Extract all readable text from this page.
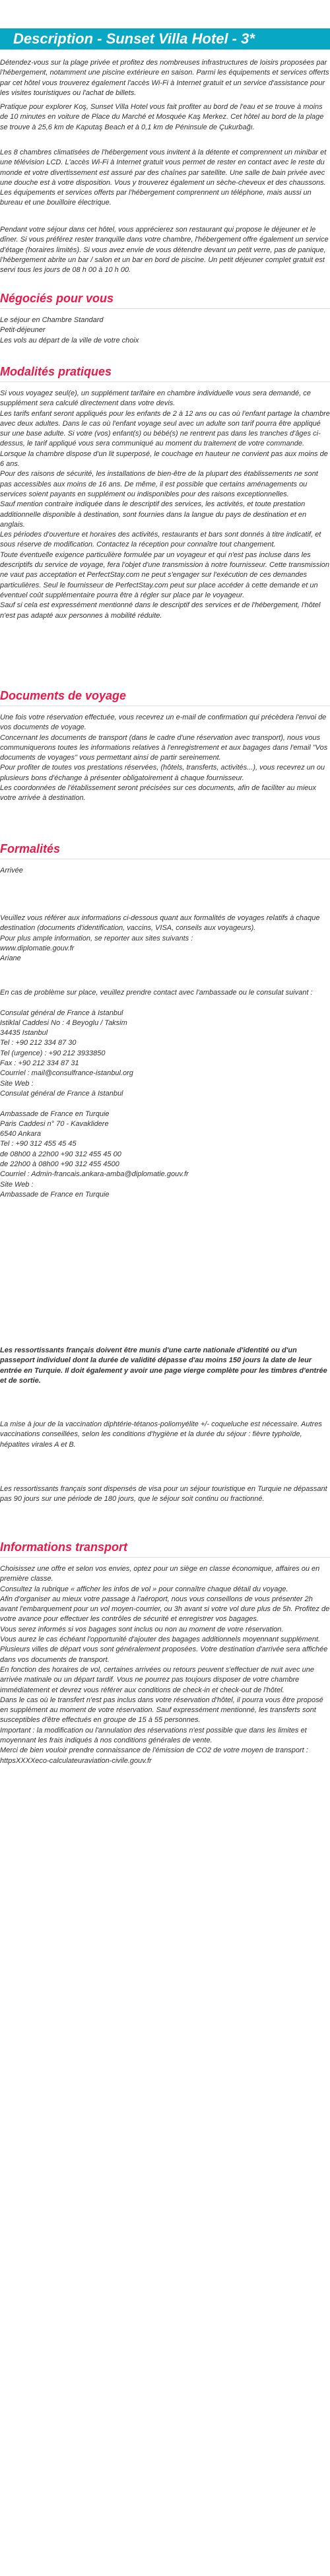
Description - Sunset Villa Hotel - 3*

Détendez-vous sur la plage privée et profitez des nombreuses infrastructures de loisirs proposées par l'hébergement, notamment une piscine extérieure en saison. Parmi les équipements et services offerts par cet hôtel vous trouverez également l'accès Wi-Fi à Internet gratuit et un service d'assistance pour les visites touristiques ou l'achat de billets.

Pratique pour explorer Koş, Sunset Villa Hotel vous fait profiter au bord de l'eau et se trouve à moins de 10 minutes en voiture de Place du Marché et Mosquée Kaş Merkez. Cet hôtel au bord de la plage se trouve à 25,6 km de Kaputaş Beach et à 0,1 km de Péninsule de Çukurbağı.

Les 8 chambres climatisées de l'hébergement vous invitent à la détente et comprennent un minibar et une télévision LCD. L'accès Wi-Fi à Internet gratuit vous permet de rester en contact avec le reste du monde et votre divertissement est assuré par des chaînes par satellite. Une salle de bain privée avec une douche est à votre disposition. Vous y trouverez également un sèche-cheveux et des chaussons. Les équipements et services offerts par l'hébergement comprennent un téléphone, mais aussi un bureau et une bouilloire électrique.

Pendant votre séjour dans cet hôtel, vous apprécierez son restaurant qui propose le déjeuner et le dîner. Si vous préférez rester tranquille dans votre chambre, l'hébergement offre également un service d'étage (horaires limités). Si vous avez envie de vous détendre devant un petit verre, pas de panique, l'hébergement abrite un bar / salon et un bar en bord de piscine. Un petit déjeuner complet gratuit est servi tous les jours de 08 h 00 à 10 h 00.

Négociés pour vous

Le séjour en Chambre Standard
Petit-déjeuner
Les vols au départ de la ville de votre choix

Modalités pratiques

Si vous voyagez seul(e), un supplément tarifaire en chambre individuelle vous sera demandé, ce supplément sera calculé directement dans votre devis.
Les tarifs enfant seront appliqués pour les enfants de 2 à 12 ans ou cas où l'enfant partage la chambre avec deux adultes. Dans le cas où l'enfant voyage seul avec un adulte son tarif pourra être appliqué sur une base adulte. Si votre (vos) enfant(s) ou bébé(s) ne rentrent pas dans les tranches d'âges ci-dessus, le tarif appliqué vous sera communiqué au moment du traitement de votre commande. Lorsque la chambre dispose d'un lit superposé, le couchage en hauteur ne convient pas aux moins de 6 ans.
Pour des raisons de sécurité, les installations de bien-être de la plupart des établissements ne sont pas accessibles aux moins de 16 ans. De même, il est possible que certains aménagements ou services soient payants en supplément ou indisponibles pour des raisons exceptionnelles.
Sauf mention contraire indiquée dans le descriptif des services, les activités, et toute prestation additionnelle disponible à destination, sont fournies dans la langue du pays de destination et en anglais.
Les périodes d'ouverture et horaires des activités, restaurants et bars sont donnés à titre indicatif, et sous réserve de modification. Contactez la réception pour connaître tout changement.
Toute éventuelle exigence particulière formulée par un voyageur et qui n'est pas incluse dans les descriptifs du service de voyage, fera l'objet d'une transmission à notre fournisseur. Cette transmission ne vaut pas acceptation et PerfectStay.com ne peut s'engager sur l'exécution de ces demandes particulières. Seul le fournisseur de PerfectStay.com peut sur place accéder à cette demande et un éventuel coût supplémentaire pourra être à régler sur place par le voyageur.
Sauf si cela est expressément mentionné dans le descriptif des services et de l'hébergement, l'hôtel n'est pas adapté aux personnes à mobilité réduite.

Documents de voyage

Une fois votre réservation effectuée, vous recevrez un e-mail de confirmation qui précèdera l'envoi de vos documents de voyage.
Concernant les documents de transport (dans le cadre d'une réservation avec transport), nous vous communiquerons toutes les informations relatives à l'enregistrement et aux bagages dans l'email "Vos documents de voyages" vous permettant ainsi de partir sereinement.
Pour profiter de toutes vos prestations réservées, (hôtels, transferts, activités...), vous recevrez un ou plusieurs bons d'échange à présenter obligatoirement à chaque fournisseur.
Les coordonnées de l'établissement seront précisées sur ces documents, afin de faciliter au mieux votre arrivée à destination.

Formalités

Arrivée

Veuillez vous référer aux informations ci-dessous quant aux formalités de voyages relatifs à chaque destination (documents d'identification, vaccins, VISA, conseils aux voyageurs).
Pour plus ample information, se reporter aux sites suivants :
www.diplomatie.gouv.fr
Ariane

En cas de problème sur place, veuillez prendre contact avec l'ambassade ou le consulat suivant :

Consulat général de France à Istanbul
Istiklal Caddesi No : 4 Beyoglu / Taksim
34435 Istanbul
Tel : +90 212 334 87 30
Tel (urgence) : +90 212 3933850
Fax : +90 212 334 87 31
Courriel : mail@consulfrance-istanbul.org
Site Web :
Consulat général de France à Istanbul

Ambassade de France en Turquie
Paris Caddesi n° 70 - Kavaklidere
6540 Ankara
Tel : +90 312 455 45 45
de 08h00 à 22h00 +90 312 455 45 00
de 22h00 à 08h00 +90 312 455 4500
Courriel : Admin-francais.ankara-amba@diplomatie.gouv.fr
Site Web :
Ambassade de France en Turquie

Les ressortissants français doivent être munis d'une carte nationale d'identité ou d'un passeport individuel dont la durée de validité dépasse d'au moins 150 jours la date de leur entrée en Turquie. Il doit également y avoir une page vierge complète pour les timbres d'entrée et de sortie.

La mise à jour de la vaccination diphtérie-tétanos-poliomyélite +/- coqueluche est nécessaire. Autres vaccinations conseillées, selon les conditions d'hygiène et la durée du séjour : fièvre typhoïde, hépatites virales A et B.

Les ressortissants français sont dispensés de visa pour un séjour touristique en Turquie ne dépassant pas 90 jours sur une période de 180 jours, que le séjour soit continu ou fractionné.

Informations transport

Choisissez une offre et selon vos envies, optez pour un siège en classe économique, affaires ou en première classe.
Consultez la rubrique « afficher les infos de vol » pour connaître chaque détail du voyage.
Afin d'organiser au mieux votre passage à l'aéroport, nous vous conseillons de vous présenter 2h avant l'embarquement pour un vol moyen-courrier, ou 3h avant si votre vol dure plus de 5h. Profitez de votre avance pour effectuer les contrôles de sécurité et enregistrer vos bagages.
Vous serez informés si vos bagages sont inclus ou non au moment de votre réservation.
Vous aurez le cas échéant l'opportunité d'ajouter des bagages additionnels moyennant supplément.
Plusieurs villes de départ vous sont généralement proposées. Votre destination d'arrivée sera affichée dans vos documents de transport.
En fonction des horaires de vol, certaines arrivées ou retours peuvent s'effectuer de nuit avec une arrivée matinale ou un départ tardif. Vous ne pourrez pas toujours disposer de votre chambre immédiatement et devrez vous référer aux conditions de check-in et check-out de l'hôtel.
Dans le cas où le transfert n'est pas inclus dans votre réservation d'hôtel, il pourra vous être proposé en supplément au moment de votre réservation. Sauf expressément mentionné, les transferts sont susceptibles d'être effectués en groupe de 15 à 55 personnes.
Important : la modification ou l'annulation des réservations n'est possible que dans les limites et moyennant les frais indiqués à nos conditions générales de vente.
Merci de bien vouloir prendre connaissance de l'émission de CO2 de votre moyen de transport : httpsXXXXeco-calculateuraviation-civile.gouv.fr
